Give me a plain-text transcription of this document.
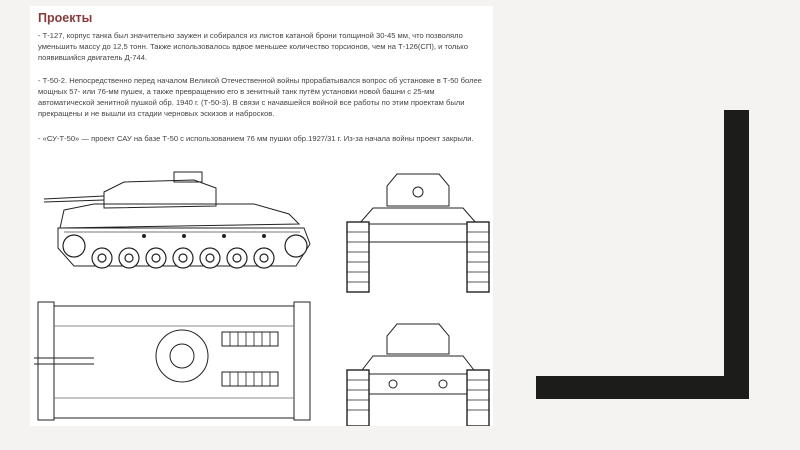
Проекты
- Т-127, корпус танка был значительно заужен и собирался из листов катаной брони толщиной 30-45 мм, что позволяло уменьшить массу до 12,5 тонн. Также использовалось вдвое меньшее количество торсионов, чем на Т-126(СП), и только появившийся двигатель Д-744.
- Т-50-2. Непосредственно перед началом Великой Отечественной войны прорабатывался вопрос об установке в Т-50 более мощных 57- или 76-мм пушек, а также превращению его в зенитный танк путём установки новой башни с 25-мм автоматической зенитной пушкой обр. 1940 г. (Т-50-3). В связи с начавшейся войной все работы по этим проектам были прекращены и не вышли из стадии черновых эскизов и набросков.
- «СУ-Т-50» — проект САУ на базе Т-50 с использованием 76 мм пушки обр.1927/31 г. Из-за начала войны проект закрыли.
